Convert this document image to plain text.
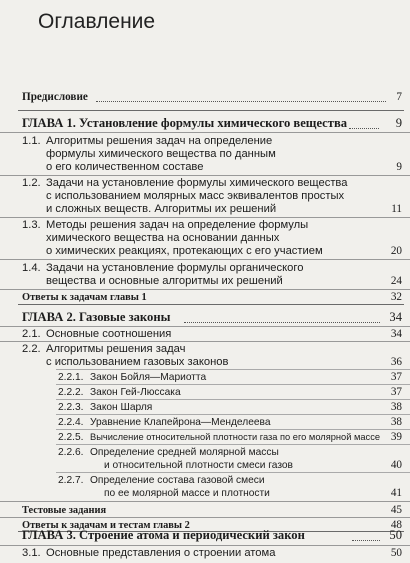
Оглавление
Предисловие	7
ГЛАВА 1. Установление формулы химического вещества	9
1.1. Алгоритмы решения задач на определение
формулы химического вещества по данным
о его количественном составе	9
1.2. Задачи на установление формулы химического вещества
с использованием молярных масс эквивалентов простых
и сложных веществ. Алгоритмы их решений	11
1.3. Методы решения задач на определение формулы
химического вещества на основании данных
о химических реакциях, протекающих с его участием	20
1.4. Задачи на установление формулы органического
вещества и основные алгоритмы их решений	24
Ответы к задачам главы 1	32
ГЛАВА 2. Газовые законы	34
2.1. Основные соотношения	34
2.2. Алгоритмы решения задач
с использованием газовых законов	36
2.2.1. Закон Бойля—Мариотта	37
2.2.2. Закон Гей-Люссака	37
2.2.3. Закон Шарля	38
2.2.4. Уравнение Клапейрона—Менделеева	38
2.2.5. Вычисление относительной плотности газа по его молярной массе 39
2.2.6. Определение средней молярной массы
и относительной плотности смеси газов	40
2.2.7. Определение состава газовой смеси
по ее молярной массе и плотности	41
Тестовые задания	45
Ответы к задачам и тестам главы 2	48
ГЛАВА 3. Строение атома и периодический закон	50
3.1. Основные представления о строении атома	50
